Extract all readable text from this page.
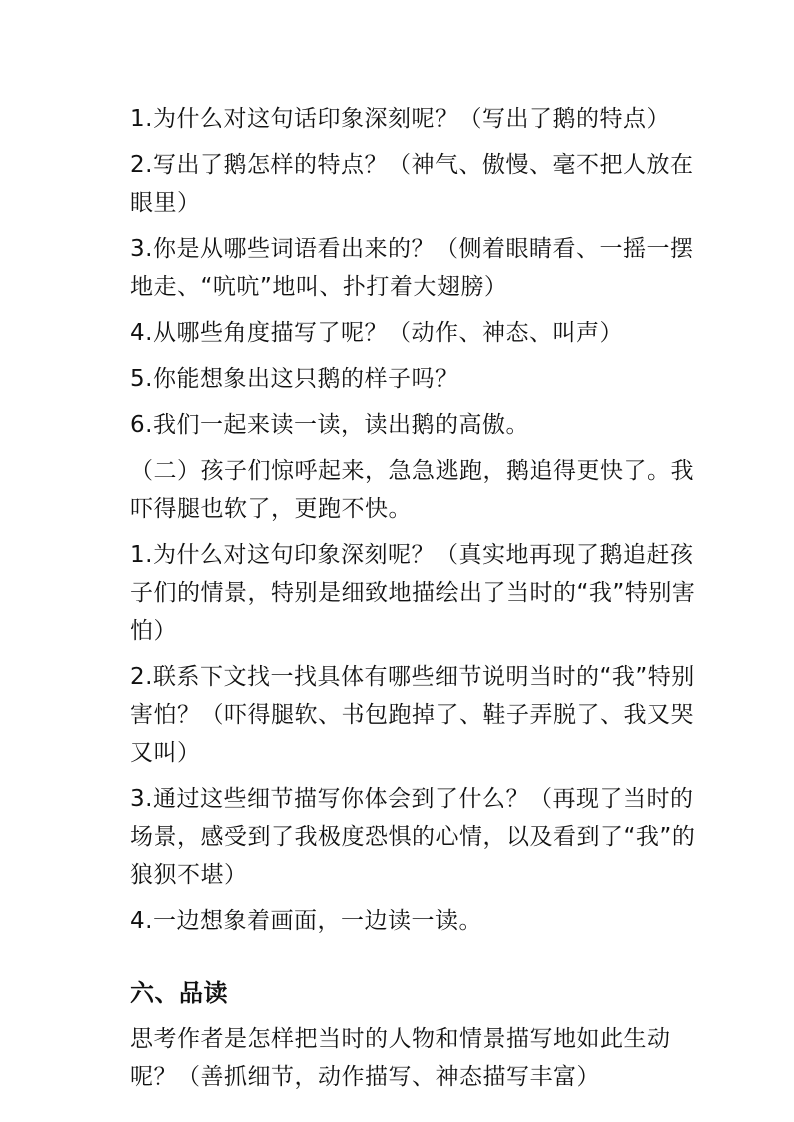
1.为什么对这句话印象深刻呢？（写出了鹅的特点）

2.写出了鹅怎样的特点？（神气、傲慢、毫不把人放在眼里）

3.你是从哪些词语看出来的？（侧着眼睛看、一摇一摆地走、“吭吭”地叫、扑打着大翅膀）

4.从哪些角度描写了呢？（动作、神态、叫声）

5.你能想象出这只鹅的样子吗？

6.我们一起来读一读，读出鹅的高傲。

（二）孩子们惊呼起来，急急逃跑，鹅追得更快了。我吓得腿也软了，更跑不快。

1.为什么对这句印象深刻呢？（真实地再现了鹅追赶孩子们的情景，特别是细致地描绘出了当时的“我”特别害怕）

2.联系下文找一找具体有哪些细节说明当时的“我”特别害怕？（吓得腿软、书包跑掉了、鞋子弄脱了、我又哭又叫）

3.通过这些细节描写你体会到了什么？（再现了当时的场景，感受到了我极度恐惧的心情，以及看到了“我”的狼狈不堪）

4.一边想象着画面，一边读一读。

六、品读

思考作者是怎样把当时的人物和情景描写地如此生动呢？（善抓细节，动作描写、神态描写丰富）
